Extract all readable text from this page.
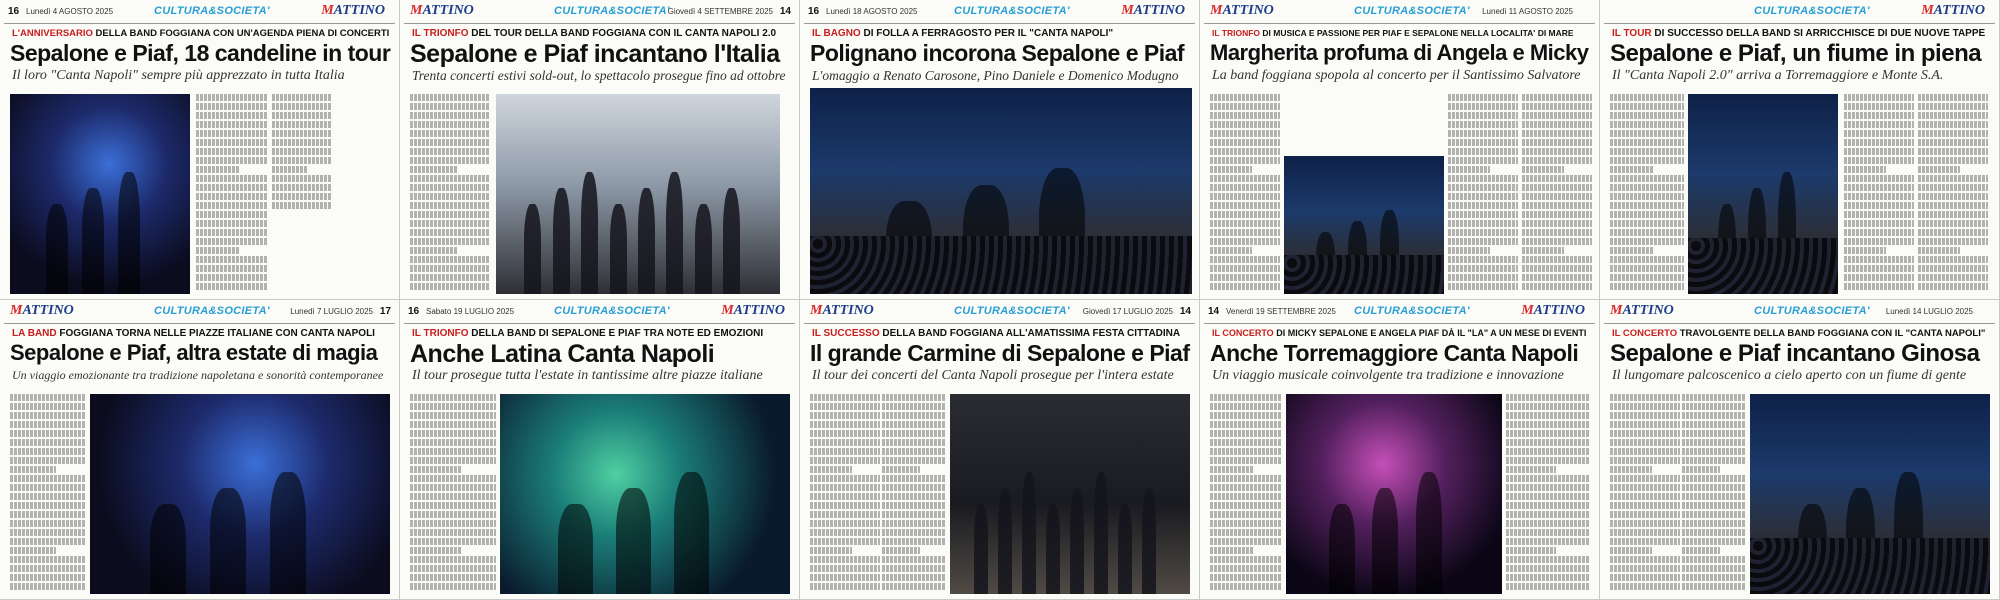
16 Lunedì 4 AGOSTO 2025	CULTURA&SOCIETA'	MATTINO
L'ANNIVERSARIO DELLA BAND FOGGIANA CON UN'AGENDA PIENA DI CONCERTI
Sepalone e Piaf, 18 candeline in tour
Il loro "Canta Napoli" sempre più apprezzato in tutta Italia
14
Giovedì 4 SETTEMBRE 2025
CULTURA&SOCIETA'
MATTINO
IL TRIONFO DEL TOUR DELLA BAND FOGGIANA CON IL CANTA NAPOLI 2.0
Sepalone e Piaf incantano l'Italia
Trenta concerti estivi sold-out, lo spettacolo prosegue fino ad ottobre
16 Lunedì 18 AGOSTO 2025	CULTURA&SOCIETA'	MATTINO
IL BAGNO DI FOLLA A FERRAGOSTO PER IL "CANTA NAPOLI"
Polignano incorona Sepalone e Piaf
L'omaggio a Renato Carosone, Pino Daniele e Domenico Modugno
Lunedì 11 AGOSTO 2025
CULTURA&SOCIETA'
MATTINO
IL TRIONFO DI MUSICA E PASSIONE PER PIAF E SEPALONE NELLA LOCALITA' DI MARE
Margherita profuma di Angela e Micky
La band foggiana spopola al concerto per il Santissimo Salvatore
CULTURA&SOCIETA'	MATTINO
IL TOUR DI SUCCESSO DELLA BAND SI ARRICCHISCE DI DUE NUOVE TAPPE
Sepalone e Piaf, un fiume in piena
Il "Canta Napoli 2.0" arriva a Torremaggiore e Monte S.A.
17
Lunedì 7 LUGLIO 2025
CULTURA&SOCIETA'
MATTINO
LA BAND FOGGIANA TORNA NELLE PIAZZE ITALIANE CON CANTA NAPOLI
Sepalone e Piaf, altra estate di magia
Un viaggio emozionante tra tradizione napoletana e sonorità contemporanee
16 Sabato 19 LUGLIO 2025	CULTURA&SOCIETA'	MATTINO
IL TRIONFO DELLA BAND DI SEPALONE E PIAF TRA NOTE ED EMOZIONI
Anche Latina Canta Napoli
Il tour prosegue tutta l'estate in tantissime altre piazze italiane
14
Giovedì 17 LUGLIO 2025
CULTURA&SOCIETA'
MATTINO
IL SUCCESSO DELLA BAND FOGGIANA ALL'AMATISSIMA FESTA CITTADINA
Il grande Carmine di Sepalone e Piaf
Il tour dei concerti del Canta Napoli prosegue per l'intera estate
14 Venerdì 19 SETTEMBRE 2025 CULTURA&SOCIETA'	MATTINO
IL CONCERTO DI MICKY SEPALONE E ANGELA PIAF DÀ IL "LA" A UN MESE DI EVENTI
Anche Torremaggiore Canta Napoli
Un viaggio musicale coinvolgente tra tradizione e innovazione
Lunedì 14 LUGLIO 2025
CULTURA&SOCIETA'
MATTINO
IL CONCERTO TRAVOLGENTE DELLA BAND FOGGIANA CON IL "CANTA NAPOLI"
Sepalone e Piaf incantano Ginosa
Il lungomare palcoscenico a cielo aperto con un fiume di gente
